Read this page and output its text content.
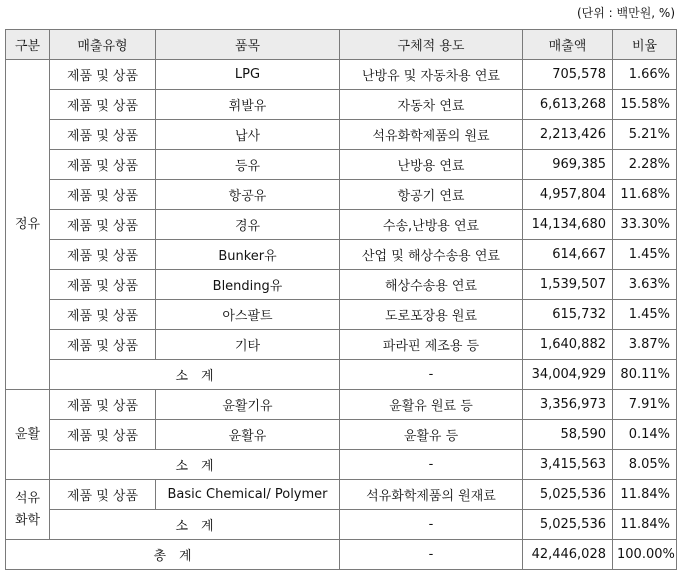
(단위 : 백만원, %)
구분	매출유형	품목	구체적 용도	매출액	비율
정유	제품 및 상품	LPG	난방유 및 자동차용 연료	705,578	1.66%
	제품 및 상품	휘발유	자동차 연료	6,613,268	15.58%
	제품 및 상품	납사	석유화학제품의 원료	2,213,426	5.21%
	제품 및 상품	등유	난방용 연료	969,385	2.28%
	제품 및 상품	항공유	항공기 연료	4,957,804	11.68%
	제품 및 상품	경유	수송,난방용 연료	14,134,680	33.30%
	제품 및 상품	Bunker유	산업 및 해상수송용 연료	614,667	1.45%
	제품 및 상품	Blending유	해상수송용 연료	1,539,507	3.63%
	제품 및 상품	아스팔트	도로포장용 원료	615,732	1.45%
	제품 및 상품	기타	파라핀 제조용 등	1,640,882	3.87%
	소　계		-	34,004,929	80.11%
윤활	제품 및 상품	윤활기유	윤활유 원료 등	3,356,973	7.91%
	제품 및 상품	윤활유	윤활유 등	58,590	0.14%
	소　계		-	3,415,563	8.05%
석유화학	제품 및 상품	Basic Chemical/ Polymer	석유화학제품의 원재료	5,025,536	11.84%
	소　계		-	5,025,536	11.84%
총　계			-	42,446,028	100.00%
